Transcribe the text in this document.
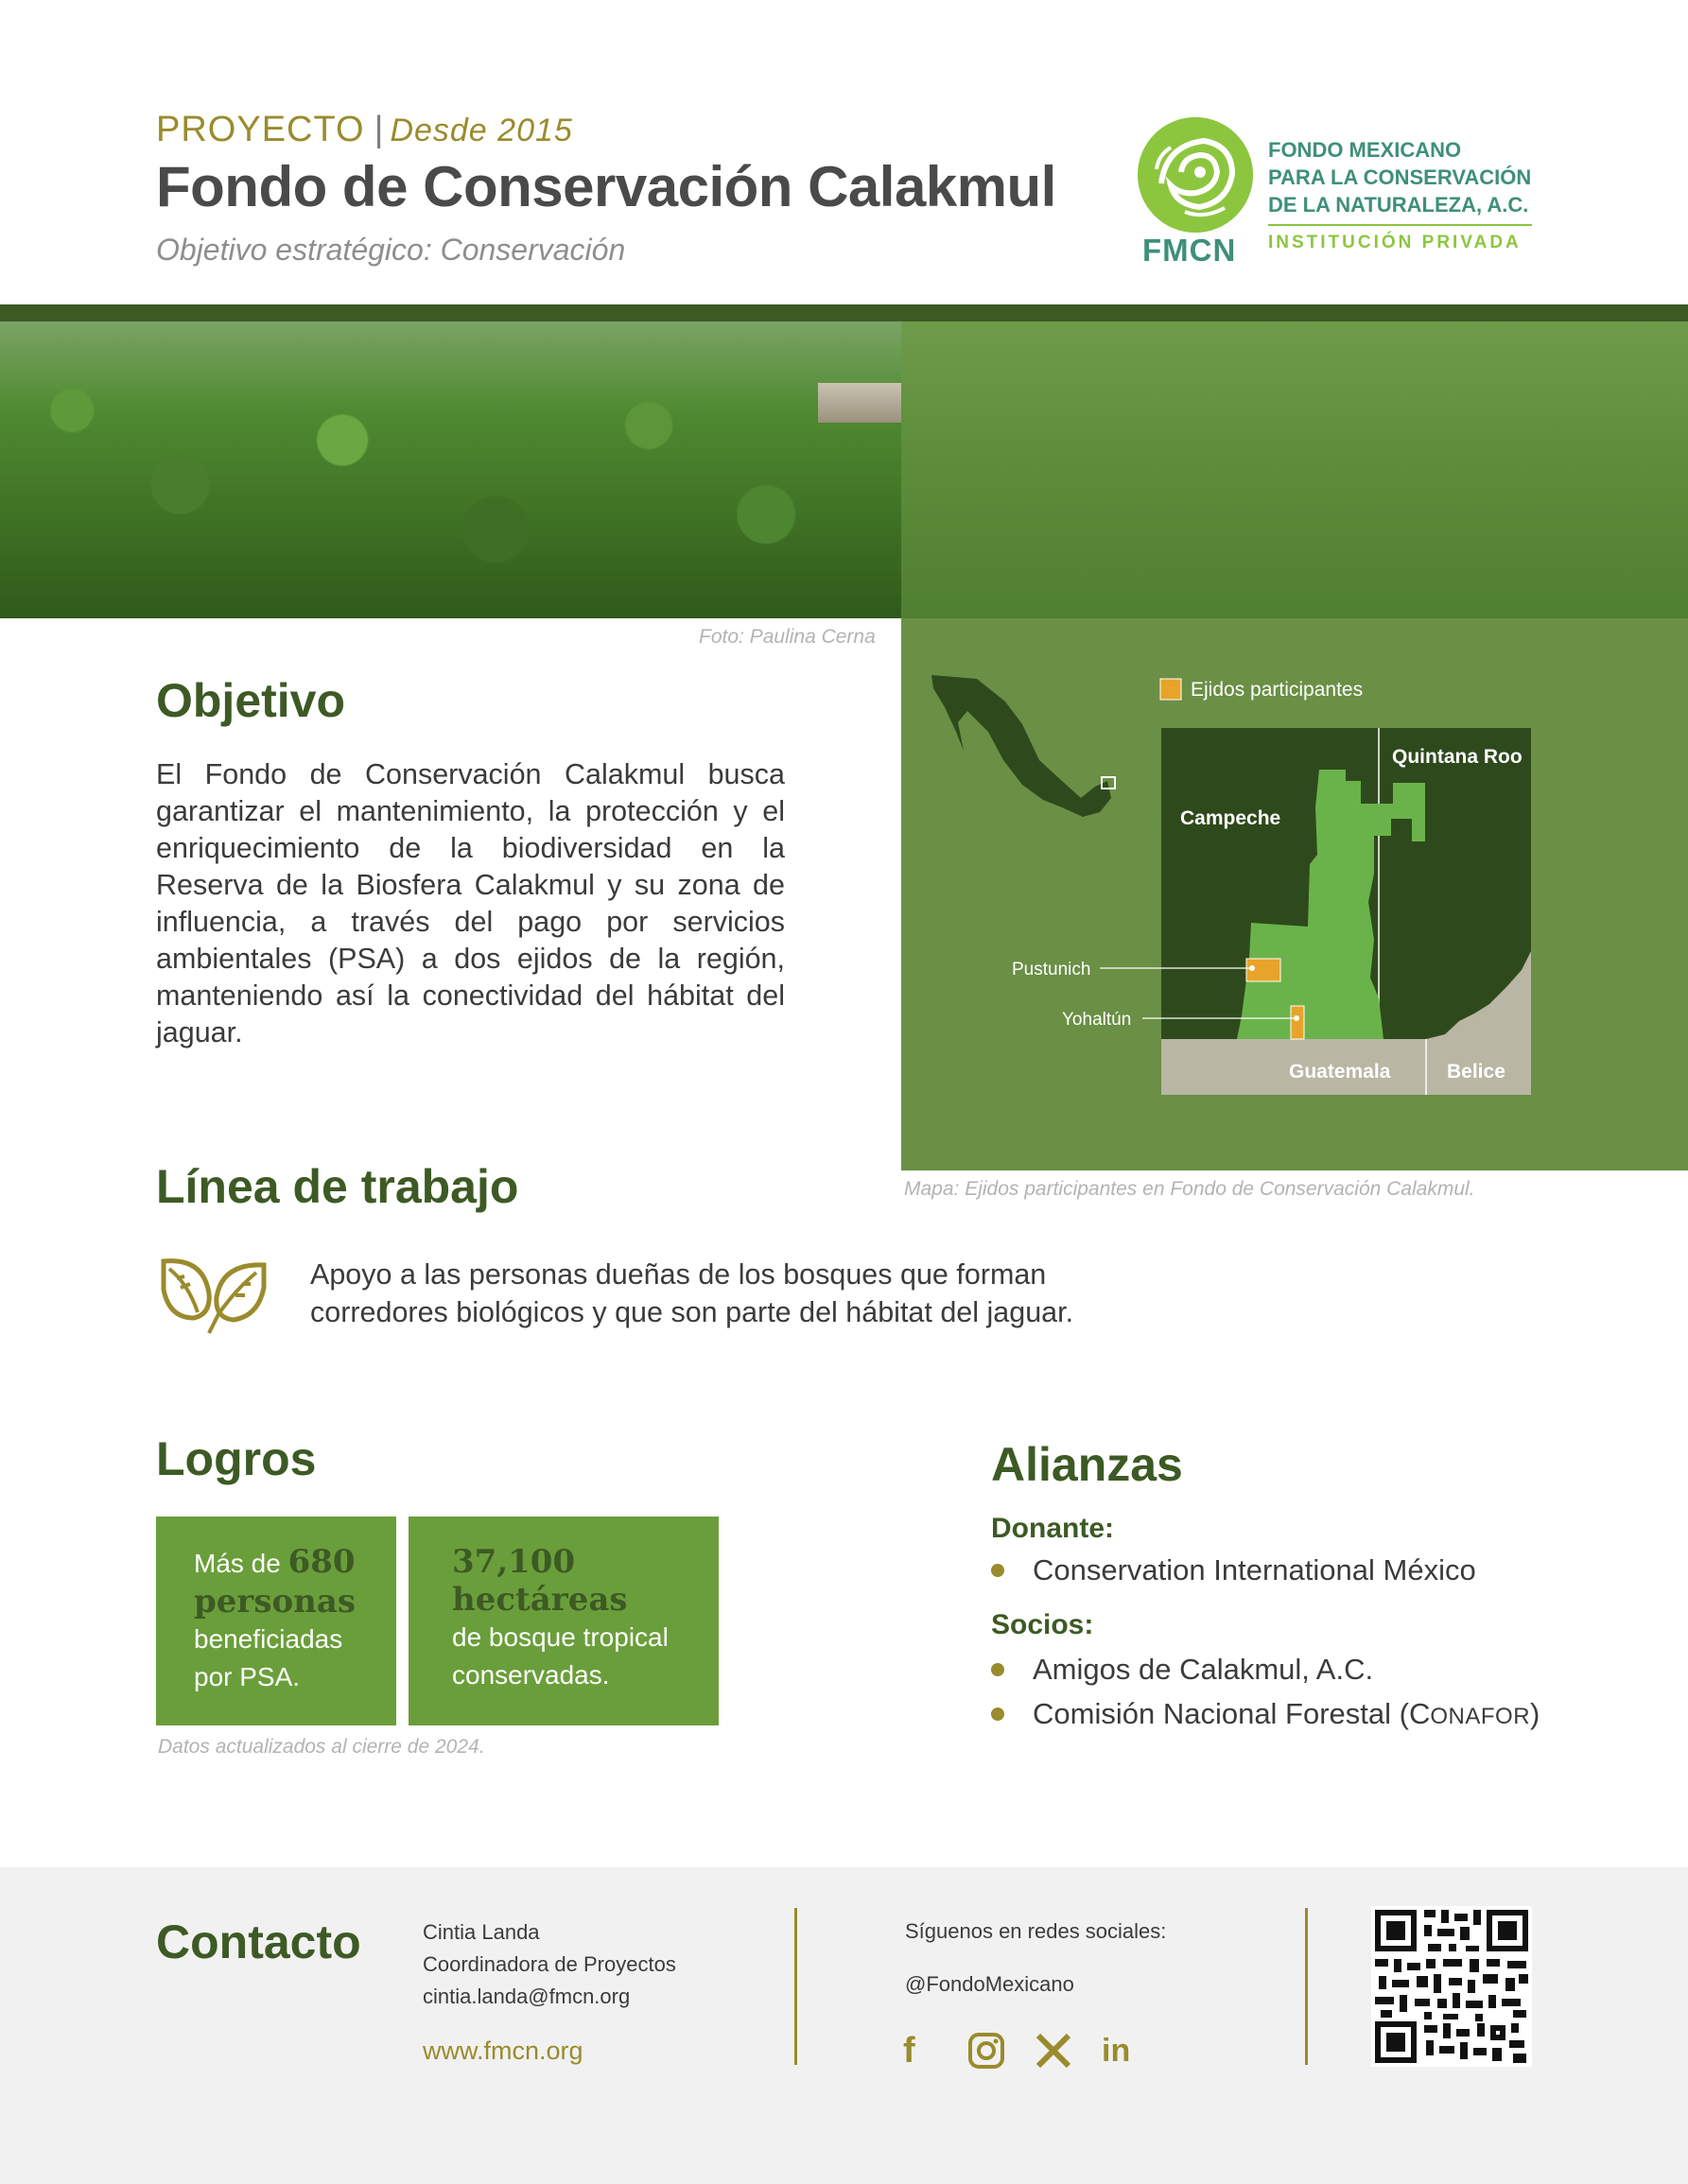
PROYECTO | Desde 2015
Fondo de Conservación Calakmul
Objetivo estratégico: Conservación	FMCN
FONDO MEXICANO
PARA LA CONSERVACIÓN
DE LA NATURALEZA, A.C.
INSTITUCIÓN PRIVADA
Foto: Paulina Cerna
Ejidos participantes
Quintana Roo
Campeche
Pustunich
Yohaltún
Guatemala	Belice
Mapa: Ejidos participantes en Fondo de Conservación Calakmul.
Objetivo
El Fondo de Conservación Calakmul busca garantizar el mantenimiento, la protección y el enriquecimiento de la biodiversidad en la Reserva de la Biosfera Calakmul y su zona de influencia, a través del pago por servicios ambientales (PSA) a dos ejidos de la región, manteniendo así la conectividad del hábitat del jaguar.
Línea de trabajo
Apoyo a las personas dueñas de los bosques que forman
corredores biológicos y que son parte del hábitat del jaguar.
Logros
Más de 680
personas
beneficiadas
por PSA.
37,100
hectáreas
de bosque tropical
conservadas.
Datos actualizados al cierre de 2024.
Alianzas
Donante:
Conservation International México
Socios:
Amigos de Calakmul, A.C.
Comisión Nacional Forestal (CONAFOR)
Contacto	Cintia Landa
Coordinadora de Proyectos
cintia.landa@fmcn.org
www.fmcn.org
Síguenos en redes sociales:
@FondoMexicano
f	in
